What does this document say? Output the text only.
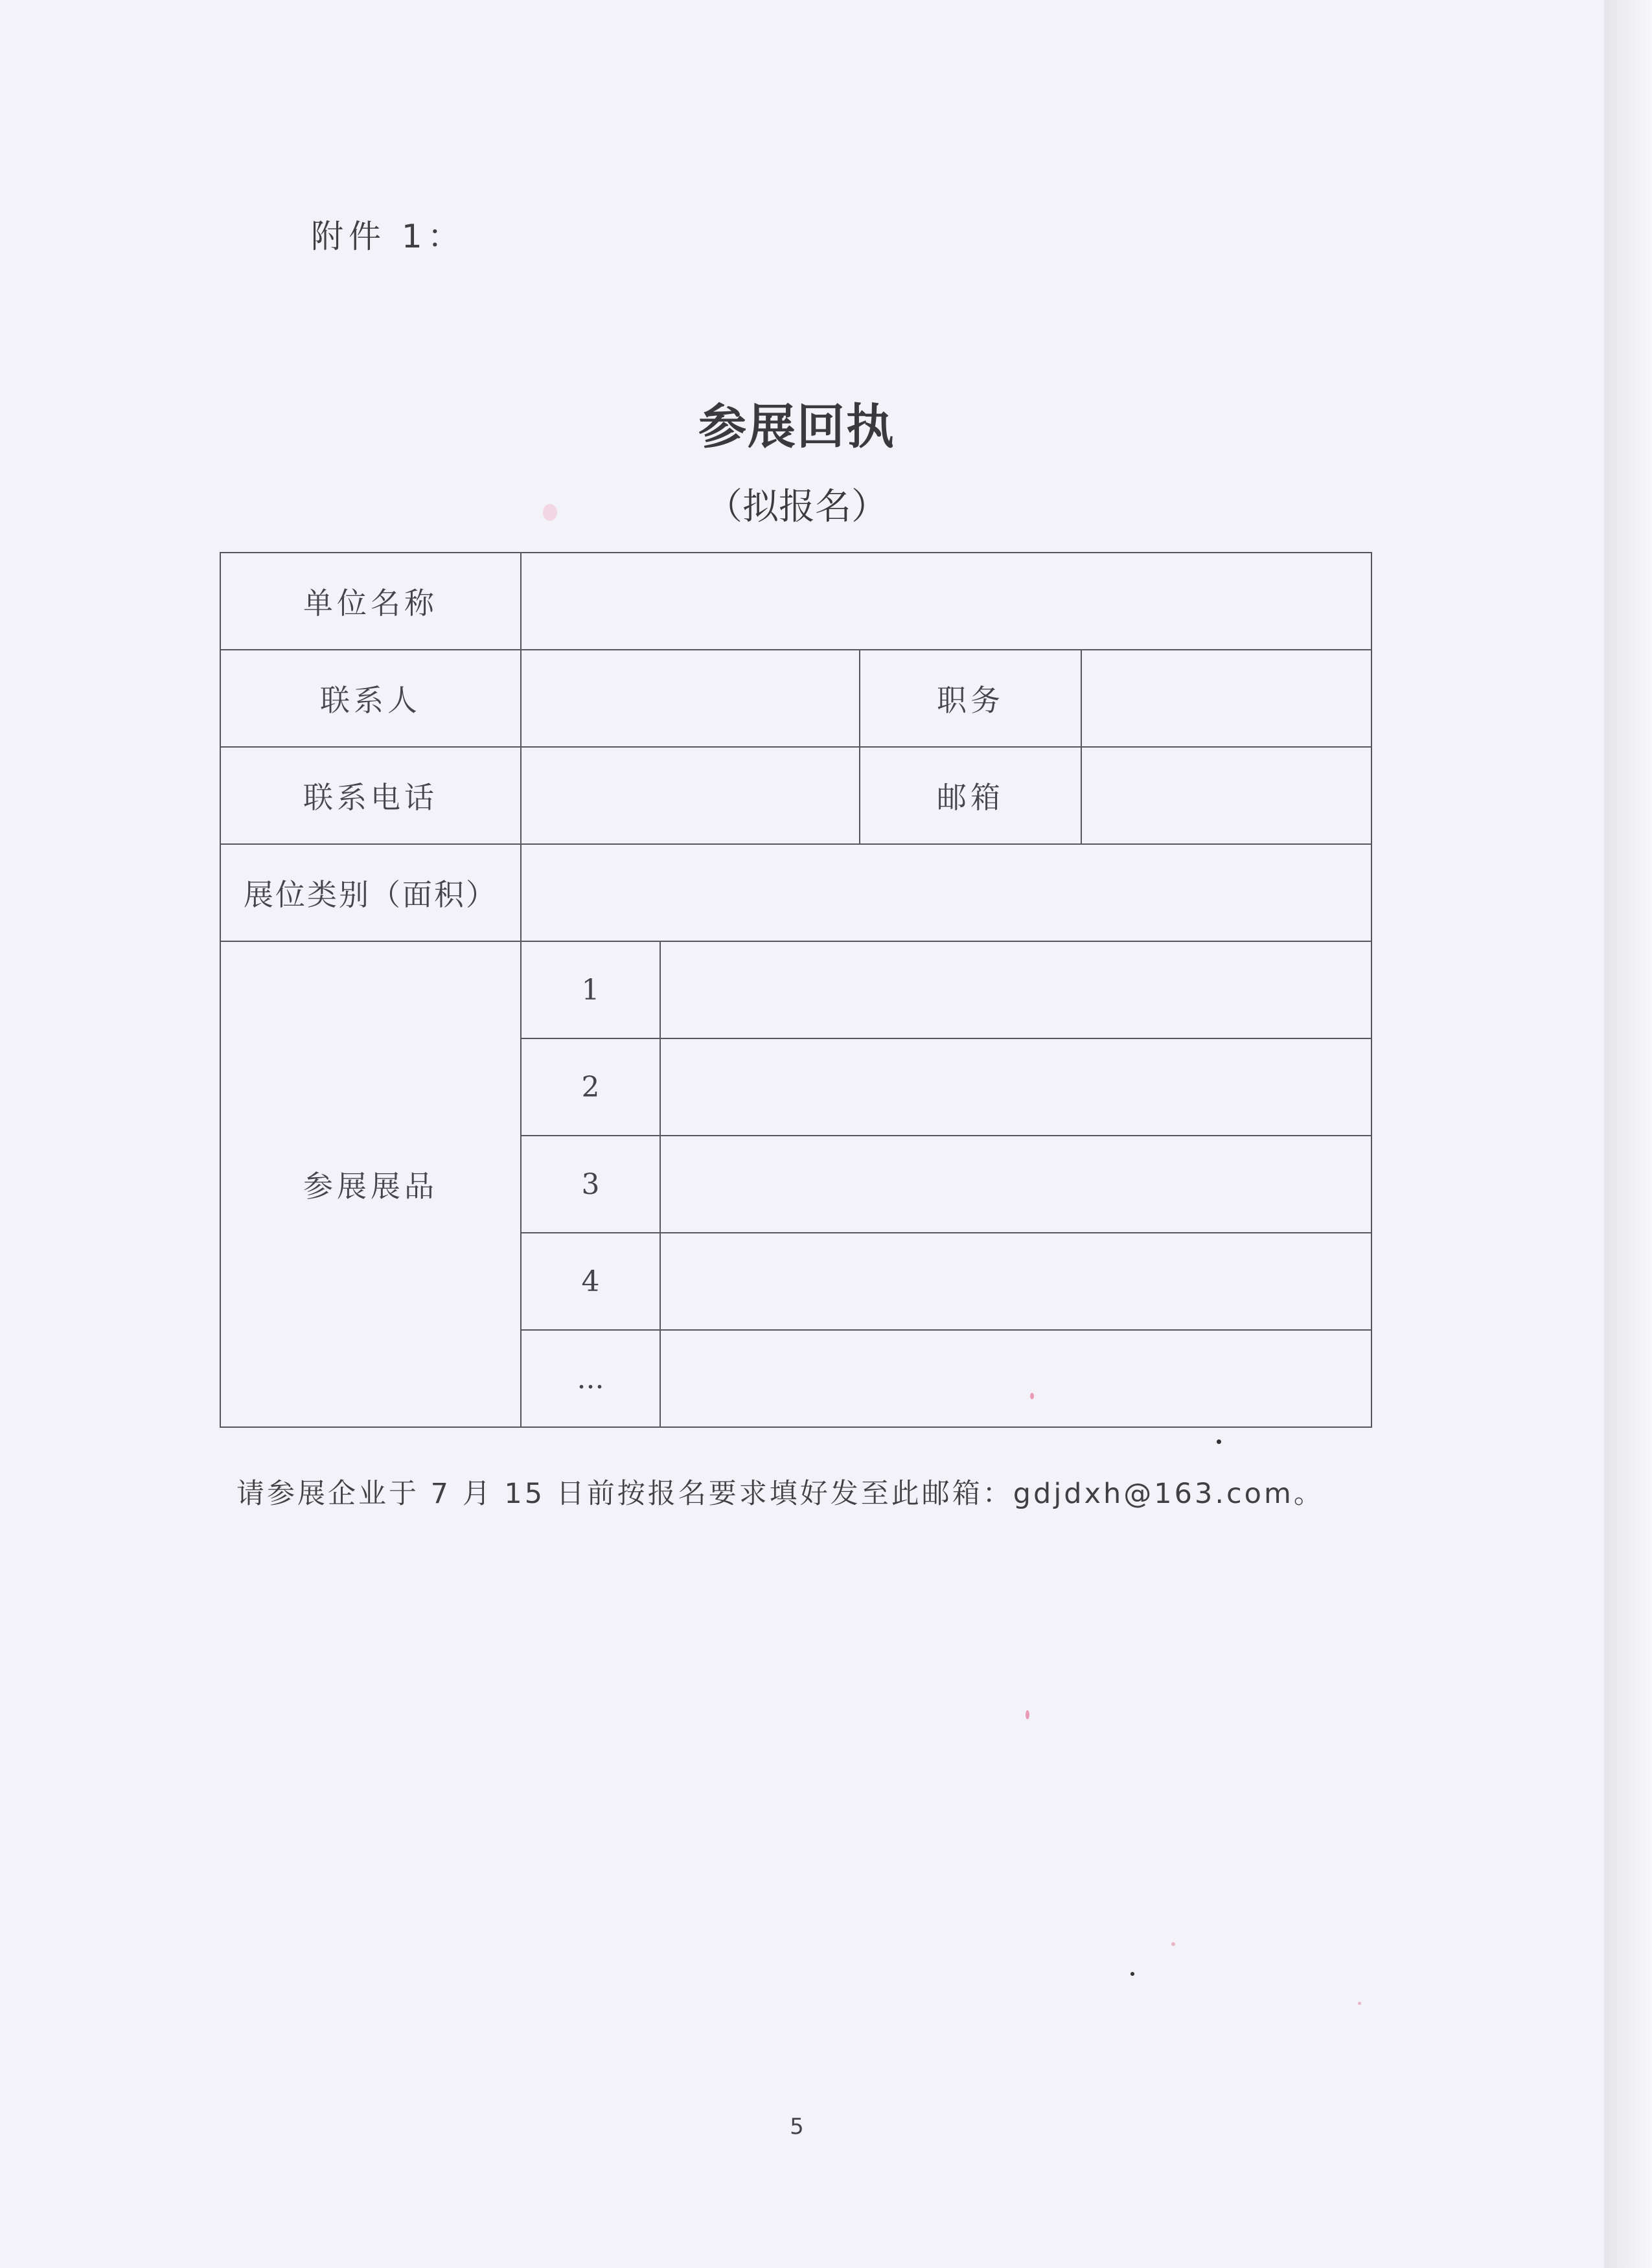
附件 1：
参展回执
（拟报名）
单位名称				
联系人			职务	
联系电话			邮箱	
展位类别（面积）				
参展展品	1			
	2			
	3			
	4			
	...			
请参展企业于 7 月 15 日前按报名要求填好发至此邮箱：gdjdxh@163.com。
5
